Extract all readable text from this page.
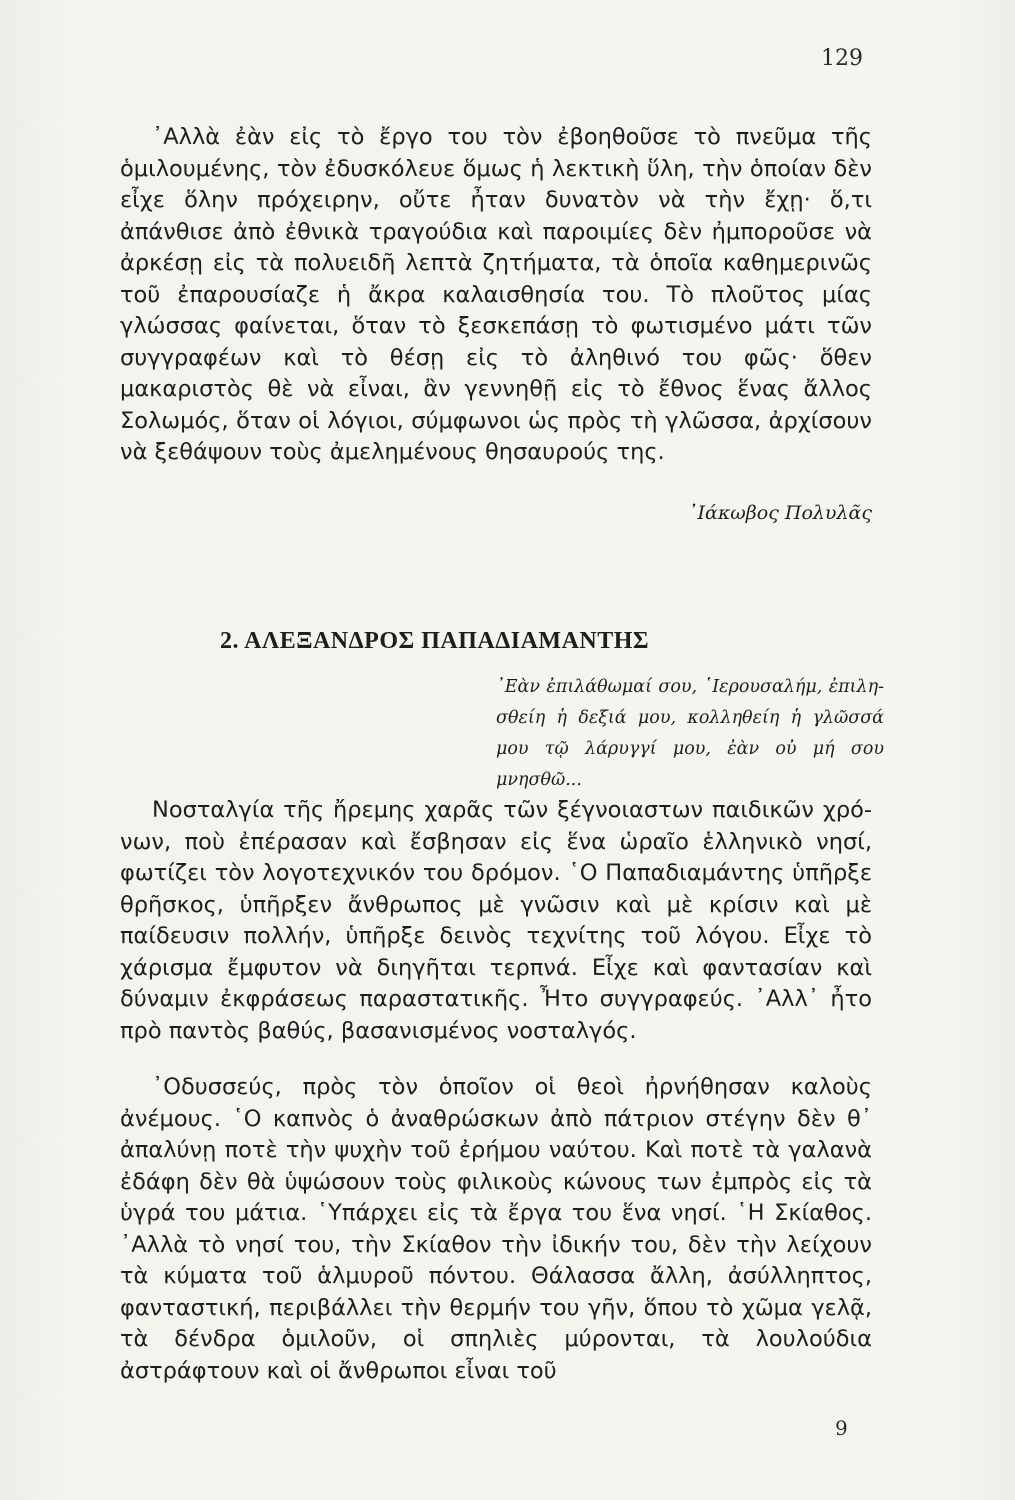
129

᾿Αλλὰ ἐὰν εἰς τὸ ἔργο του τὸν ἐβοηθοῦσε τὸ πνεῦμα τῆς ὁμιλουμένης, τὸν ἐδυσκόλευε ὅμως ἡ λεκτικὴ ὕλη, τὴν ὁποίαν δὲν εἶχε ὅλην πρόχειρην, οὔτε ἦταν δυνατὸν νὰ τὴν ἔχῃ· ὅ,τι ἀπάνθισε ἀπὸ ἐθνικὰ τραγούδια καὶ παροιμίες δὲν ἠμποροῦσε νὰ ἀρκέσῃ εἰς τὰ πολυειδῆ λεπτὰ ζητήματα, τὰ ὁποῖα καθημερινῶς τοῦ ἐπαρουσίαζε ἡ ἄκρα καλαισθησία του. Τὸ πλοῦτος μίας γλώσσας φαίνεται, ὅταν τὸ ξεσκεπάσῃ τὸ φωτισμένο μάτι τῶν συγγραφέων καὶ τὸ θέσῃ εἰς τὸ ἀληθινό του φῶς· ὅθεν μακαριστὸς θὲ νὰ εἶναι, ἂν γεννηθῇ εἰς τὸ ἔθνος ἕνας ἄλλος Σολωμός, ὅταν οἱ λόγιοι, σύμφωνοι ὡς πρὸς τὴ γλῶσσα, ἀρχίσουν νὰ ξεθάψουν τοὺς ἀμελημένους θησαυρούς της.

᾿Ιάκωβος Πολυλᾶς
2. ΑΛΕΞΑΝΔΡΟΣ ΠΑΠΑΔΙΑΜΑΝΤΗΣ

᾿Εὰν ἐπιλάθωμαί σου, ῾Ιερουσαλήμ, ἐπιλησθείη ἡ δεξιά μου, κολληθείη ἡ γλῶσσά μου τῷ λάρυγγί μου, ἐὰν οὐ μή σου μνησθῶ...

Νοσταλγία τῆς ἤρεμης χαρᾶς τῶν ξέγνοιαστων παιδικῶν χρόνων, ποὺ ἐπέρασαν καὶ ἔσβησαν εἰς ἕνα ὡραῖο ἑλληνικὸ νησί, φωτίζει τὸν λογοτεχνικόν του δρόμον. ῾Ο Παπαδιαμάντης ὑπῆρξε θρῆσκος, ὑπῆρξεν ἄνθρωπος μὲ γνῶσιν καὶ μὲ κρίσιν καὶ μὲ παίδευσιν πολλήν, ὑπῆρξε δεινὸς τεχνίτης τοῦ λόγου. Εἶχε τὸ χάρισμα ἔμφυτον νὰ διηγῆται τερπνά. Εἶχε καὶ φαντασίαν καὶ δύναμιν ἐκφράσεως παραστατικῆς. Ἦτο συγγραφεύς. ᾿Αλλ᾿ ἦτο πρὸ παντὸς βαθύς, βασανισμένος νοσταλγός.

᾿Οδυσσεύς, πρὸς τὸν ὁποῖον οἱ θεοὶ ἠρνήθησαν καλοὺς ἀνέμους. ῾Ο καπνὸς ὁ ἀναθρώσκων ἀπὸ πάτριον στέγην δὲν θ᾿ ἀπαλύνῃ ποτὲ τὴν ψυχὴν τοῦ ἐρήμου ναύτου. Καὶ ποτὲ τὰ γαλανὰ ἐδάφη δὲν θὰ ὑψώσουν τοὺς φιλικοὺς κώνους των ἐμπρὸς εἰς τὰ ὑγρά του μάτια. ῾Υπάρχει εἰς τὰ ἔργα του ἕνα νησί. ῾Η Σκίαθος. ᾿Αλλὰ τὸ νησί του, τὴν Σκίαθον τὴν ἰδικήν του, δὲν τὴν λείχουν τὰ κύματα τοῦ ἁλμυροῦ πόντου. Θάλασσα ἄλλη, ἀσύλληπτος, φανταστική, περιβάλλει τὴν θερμήν του γῆν, ὅπου τὸ χῶμα γελᾷ, τὰ δένδρα ὁμιλοῦν, οἱ σπηλιὲς μύρονται, τὰ λουλούδια ἀστράφτουν καὶ οἱ ἄνθρωποι εἶναι τοῦ

9
